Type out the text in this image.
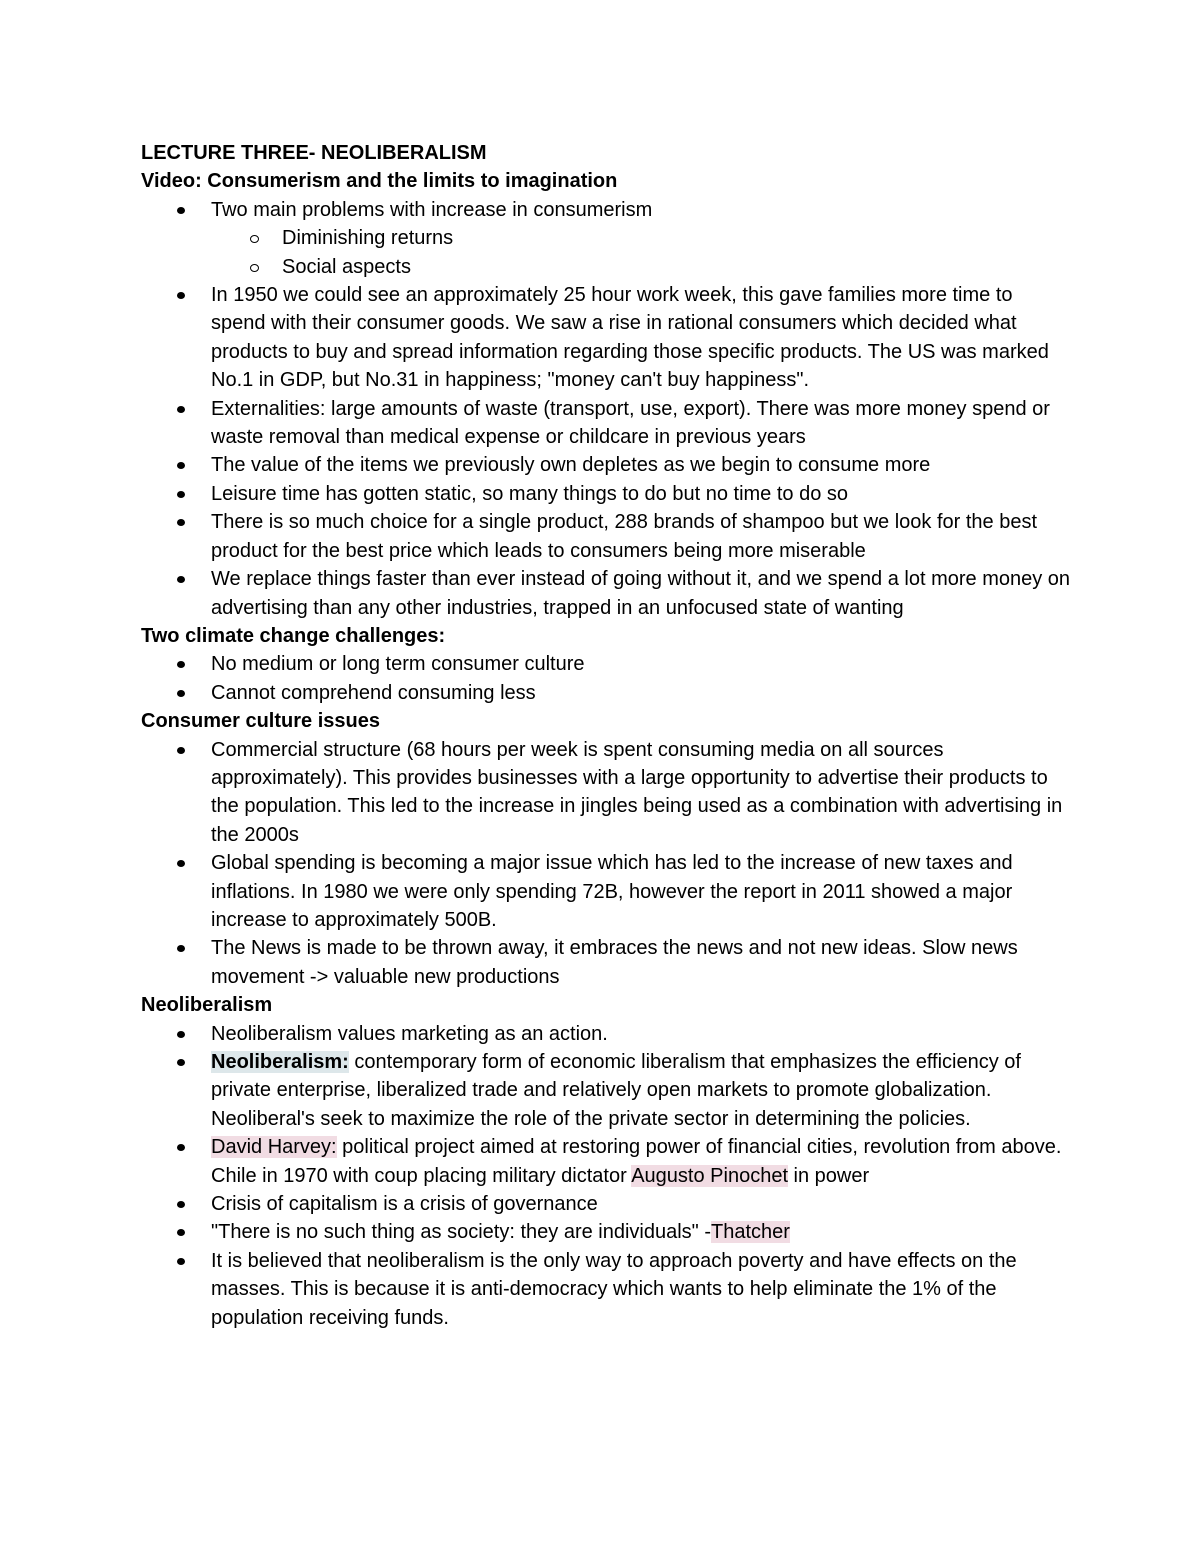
LECTURE THREE- NEOLIBERALISM
Video: Consumerism and the limits to imagination
Two main problems with increase in consumerism
Diminishing returns
Social aspects
In 1950 we could see an approximately 25 hour work week, this gave families more time to spend with their consumer goods. We saw a rise in rational consumers which decided what products to buy and spread information regarding those specific products. The US was marked No.1 in GDP, but No.31 in happiness; "money can't buy happiness".
Externalities: large amounts of waste (transport, use, export). There was more money spend or waste removal than medical expense or childcare in previous years
The value of the items we previously own depletes as we begin to consume more
Leisure time has gotten static, so many things to do but no time to do so
There is so much choice for a single product, 288 brands of shampoo but we look for the best product for the best price which leads to consumers being more miserable
We replace things faster than ever instead of going without it, and we spend a lot more money on advertising than any other industries, trapped in an unfocused state of wanting
Two climate change challenges:
No medium or long term consumer culture
Cannot comprehend consuming less
Consumer culture issues
Commercial structure (68 hours per week is spent consuming media on all sources approximately). This provides businesses with a large opportunity to advertise their products to the population. This led to the increase in jingles being used as a combination with advertising in the 2000s
Global spending is becoming a major issue which has led to the increase of new taxes and inflations. In 1980 we were only spending 72B, however the report in 2011 showed a major increase to approximately 500B.
The News is made to be thrown away, it embraces the news and not new ideas. Slow news movement -> valuable new productions
Neoliberalism
Neoliberalism values marketing as an action.
Neoliberalism: contemporary form of economic liberalism that emphasizes the efficiency of private enterprise, liberalized trade and relatively open markets to promote globalization. Neoliberal's seek to maximize the role of the private sector in determining the policies.
David Harvey: political project aimed at restoring power of financial cities, revolution from above. Chile in 1970 with coup placing military dictator Augusto Pinochet in power
Crisis of capitalism is a crisis of governance
"There is no such thing as society: they are individuals" -Thatcher
It is believed that neoliberalism is the only way to approach poverty and have effects on the masses. This is because it is anti-democracy which wants to help eliminate the 1% of the population receiving funds.
